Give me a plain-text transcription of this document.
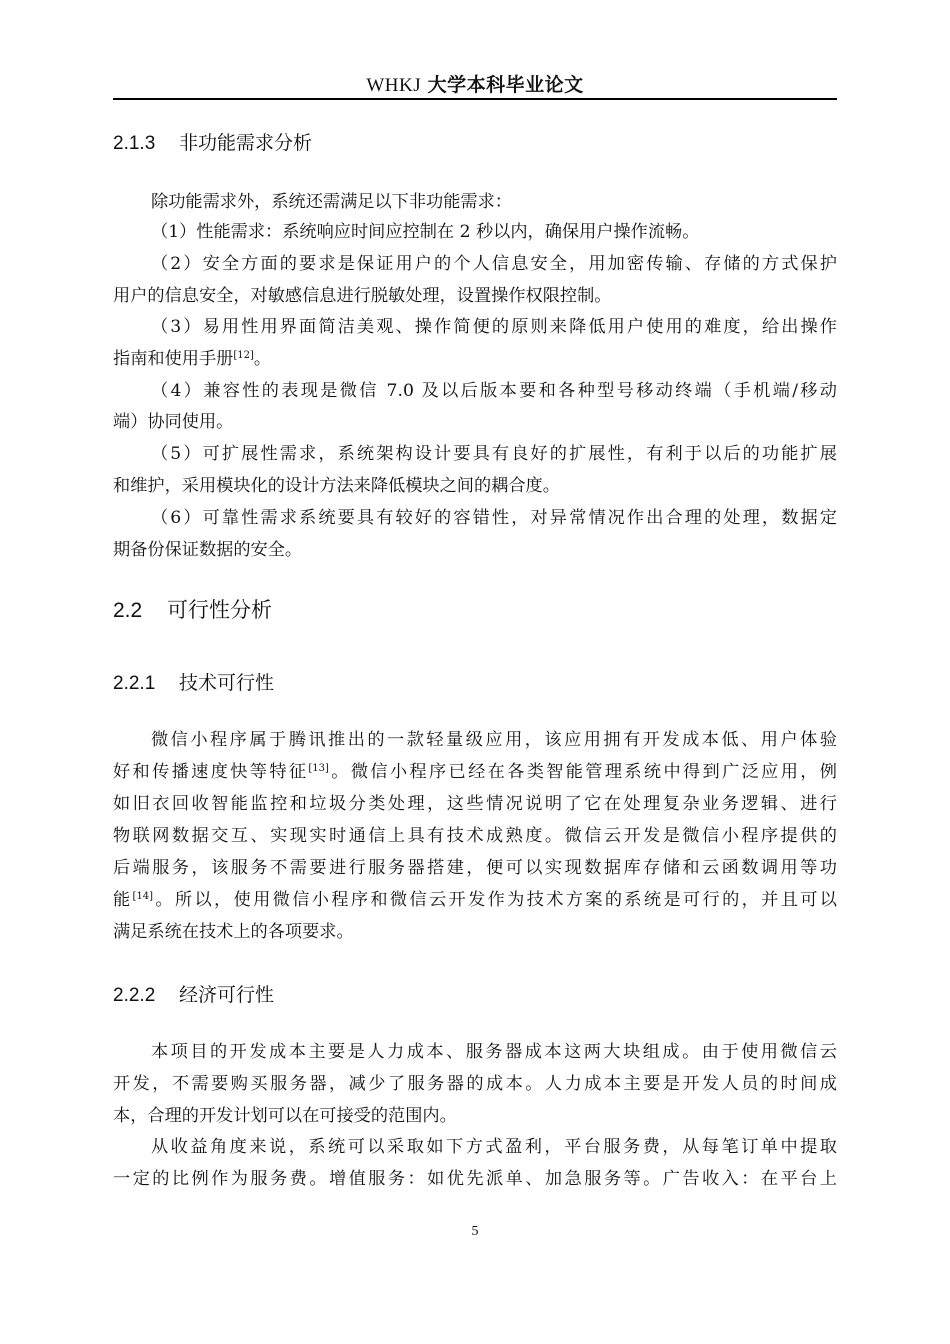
WHKJ 大学本科毕业论文
2.1.3 非功能需求分析
除功能需求外，系统还需满足以下非功能需求：
（1）性能需求：系统响应时间应控制在 2 秒以内，确保用户操作流畅。
（2）安全方面的要求是保证用户的个人信息安全，用加密传输、存储的方式保护
用户的信息安全，对敏感信息进行脱敏处理，设置操作权限控制。
（3）易用性用界面简洁美观、操作简便的原则来降低用户使用的难度，给出操作
指南和使用手册[12]。
（4）兼容性的表现是微信 7.0 及以后版本要和各种型号移动终端（手机端/移动
端）协同使用。
（5）可扩展性需求，系统架构设计要具有良好的扩展性，有利于以后的功能扩展
和维护，采用模块化的设计方法来降低模块之间的耦合度。
（6）可靠性需求系统要具有较好的容错性，对异常情况作出合理的处理，数据定
期备份保证数据的安全。
2.2 可行性分析
2.2.1 技术可行性
微信小程序属于腾讯推出的一款轻量级应用，该应用拥有开发成本低、用户体验
好和传播速度快等特征[13]。微信小程序已经在各类智能管理系统中得到广泛应用，例
如旧衣回收智能监控和垃圾分类处理，这些情况说明了它在处理复杂业务逻辑、进行
物联网数据交互、实现实时通信上具有技术成熟度。微信云开发是微信小程序提供的
后端服务，该服务不需要进行服务器搭建，便可以实现数据库存储和云函数调用等功
能[14]。所以，使用微信小程序和微信云开发作为技术方案的系统是可行的，并且可以
满足系统在技术上的各项要求。
2.2.2 经济可行性
本项目的开发成本主要是人力成本、服务器成本这两大块组成。由于使用微信云
开发，不需要购买服务器，减少了服务器的成本。人力成本主要是开发人员的时间成
本，合理的开发计划可以在可接受的范围内。
从收益角度来说，系统可以采取如下方式盈利，平台服务费，从每笔订单中提取
一定的比例作为服务费。增值服务：如优先派单、加急服务等。广告收入：在平台上
5
